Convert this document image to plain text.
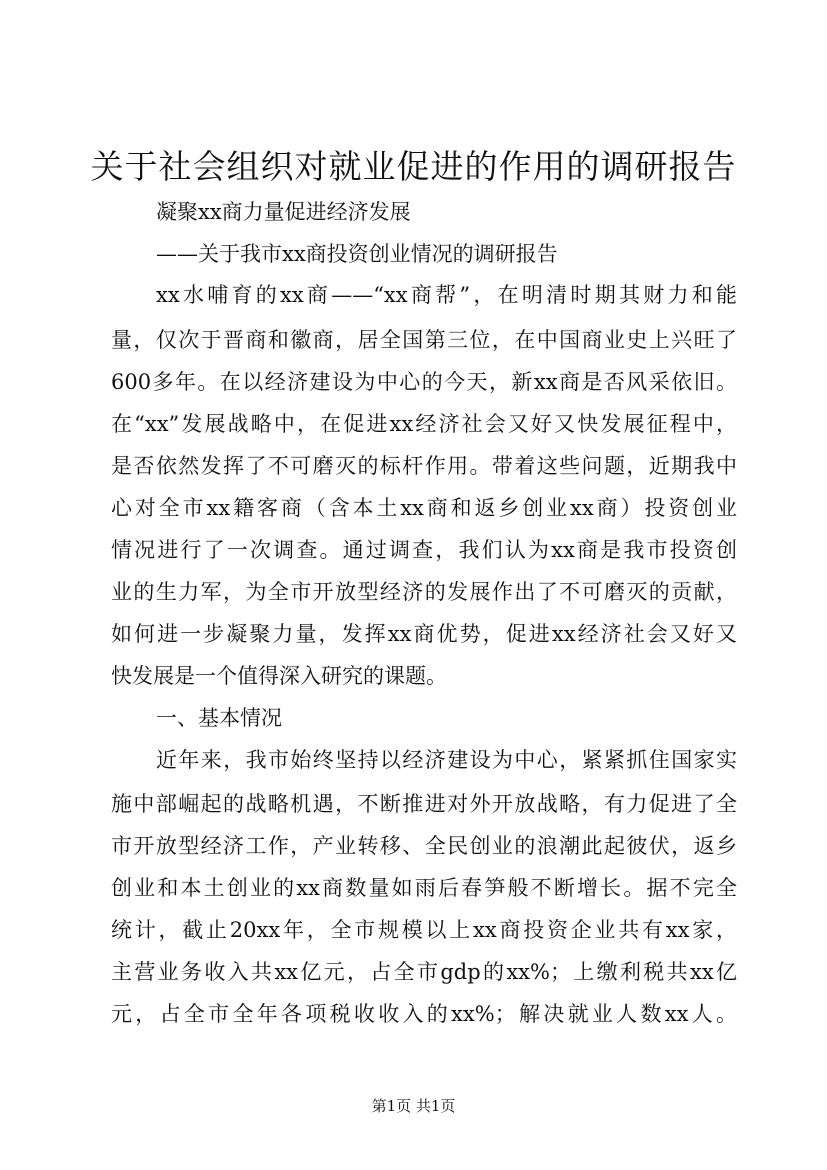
关于社会组织对就业促进的作用的调研报告
凝聚xx商力量促进经济发展
——关于我市xx商投资创业情况的调研报告
xx水哺育的xx商——“xx商帮”，在明清时期其财力和能
量，仅次于晋商和徽商，居全国第三位，在中国商业史上兴旺了
600多年。在以经济建设为中心的今天，新xx商是否风采依旧。
在“xx”发展战略中，在促进xx经济社会又好又快发展征程中，
是否依然发挥了不可磨灭的标杆作用。带着这些问题，近期我中
心对全市xx籍客商（含本土xx商和返乡创业xx商）投资创业
情况进行了一次调查。通过调查，我们认为xx商是我市投资创
业的生力军，为全市开放型经济的发展作出了不可磨灭的贡献，
如何进一步凝聚力量，发挥xx商优势，促进xx经济社会又好又
快发展是一个值得深入研究的课题。
一、基本情况
近年来，我市始终坚持以经济建设为中心，紧紧抓住国家实
施中部崛起的战略机遇，不断推进对外开放战略，有力促进了全
市开放型经济工作，产业转移、全民创业的浪潮此起彼伏，返乡
创业和本土创业的xx商数量如雨后春笋般不断增长。据不完全
统计，截止20xx年，全市规模以上xx商投资企业共有xx家，
主营业务收入共xx亿元，占全市gdp的xx%；上缴利税共xx亿
元，占全市全年各项税收收入的xx%；解决就业人数xx人。
第1页 共1页
